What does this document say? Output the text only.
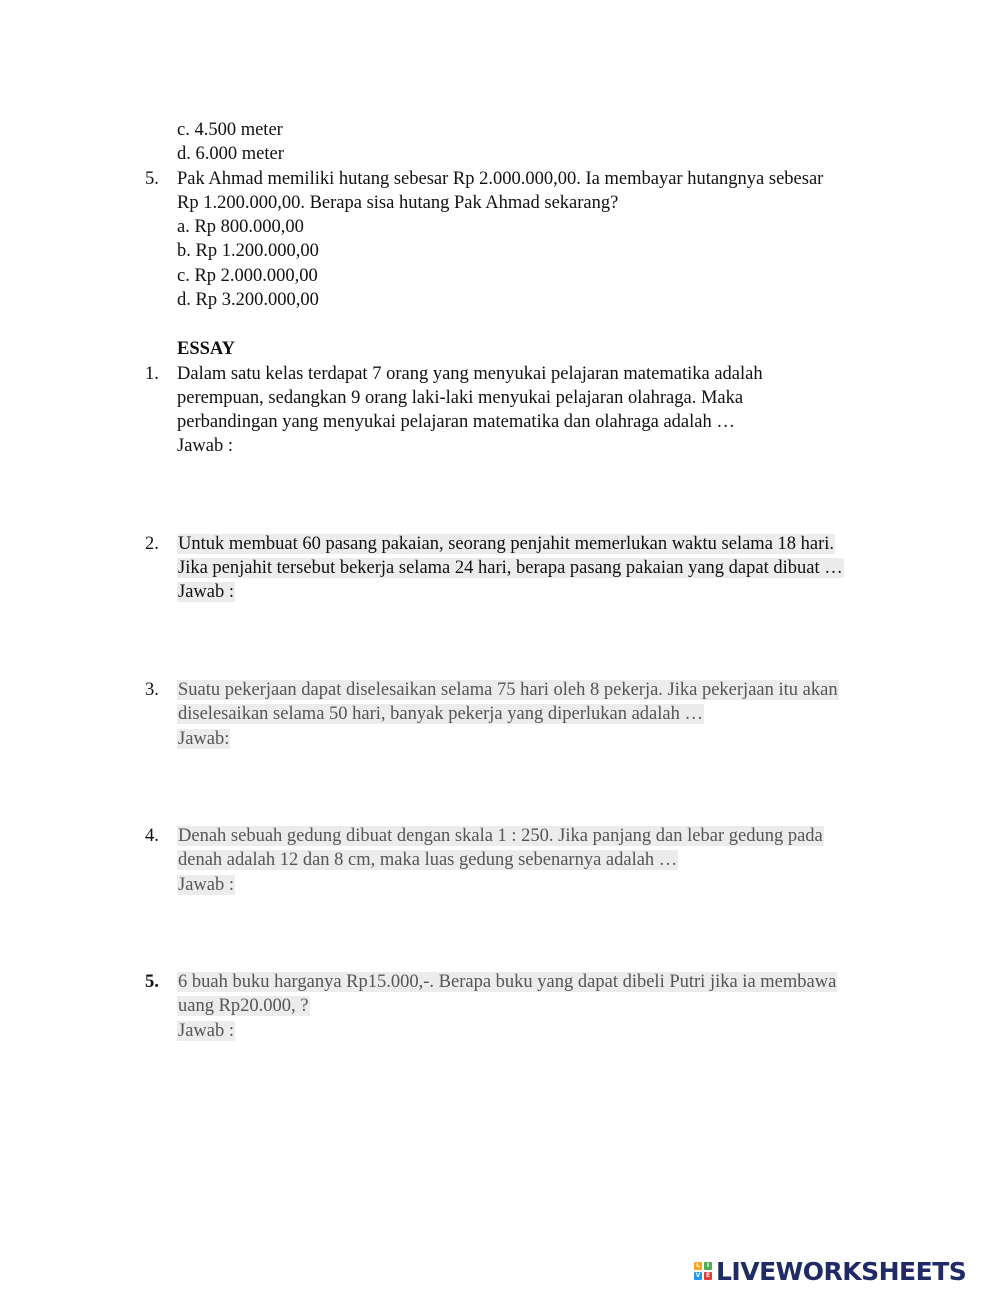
c. 4.500 meter
d. 6.000 meter
5. Pak Ahmad memiliki hutang sebesar Rp 2.000.000,00. Ia membayar hutangnya sebesar
Rp 1.200.000,00. Berapa sisa hutang Pak Ahmad sekarang?
a. Rp 800.000,00
b. Rp 1.200.000,00
c. Rp 2.000.000,00
d. Rp 3.200.000,00
ESSAY
1. Dalam satu kelas terdapat 7 orang yang menyukai pelajaran matematika adalah
perempuan, sedangkan 9 orang laki-laki menyukai pelajaran olahraga. Maka
perbandingan yang menyukai pelajaran matematika dan olahraga adalah …
Jawab :
2. Untuk membuat 60 pasang pakaian, seorang penjahit memerlukan waktu selama 18 hari.
Jika penjahit tersebut bekerja selama 24 hari, berapa pasang pakaian yang dapat dibuat …
Jawab :
3. Suatu pekerjaan dapat diselesaikan selama 75 hari oleh 8 pekerja. Jika pekerjaan itu akan
diselesaikan selama 50 hari, banyak pekerja yang diperlukan adalah …
Jawab:
4. Denah sebuah gedung dibuat dengan skala 1 : 250. Jika panjang dan lebar gedung pada
denah adalah 12 dan 8 cm, maka luas gedung sebenarnya adalah …
Jawab :
5. 6 buah buku harganya Rp15.000,-. Berapa buku yang dapat dibeli Putri jika ia membawa
uang Rp20.000, ?
Jawab :
L	I
V E LIVEWORKSHEETS
